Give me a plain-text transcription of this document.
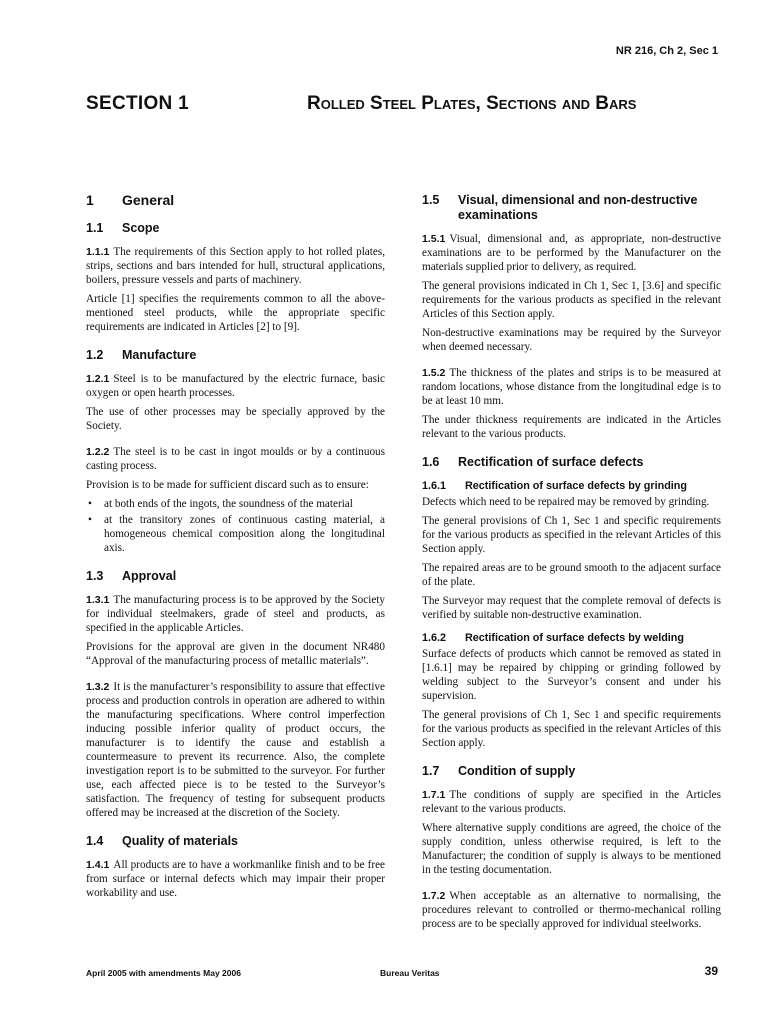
NR 216, Ch 2, Sec 1
SECTION 1	Rolled Steel Plates, Sections and Bars
1	General
1.1	Scope

1.1.1 The requirements of this Section apply to hot rolled plates, strips, sections and bars intended for hull, structural applications, boilers, pressure vessels and parts of machinery.

Article [1] specifies the requirements common to all the above-mentioned steel products, while the appropriate specific requirements are indicated in Articles [2] to [9].

1.2	Manufacture

1.2.1 Steel is to be manufactured by the electric furnace, basic oxygen or open hearth processes.

The use of other processes may be specially approved by the Society.

1.2.2 The steel is to be cast in ingot moulds or by a continuous casting process.

Provision is to be made for sufficient discard such as to ensure:

• at both ends of the ingots, the soundness of the material
• at the transitory zones of continuous casting material, a homogeneous chemical composition along the longitudinal axis.
1.3	Approval

1.3.1 The manufacturing process is to be approved by the Society for individual steelmakers, grade of steel and products, as specified in the applicable Articles.

Provisions for the approval are given in the document NR480 “Approval of the manufacturing process of metallic materials”.

1.3.2 It is the manufacturer’s responsibility to assure that effective process and production controls in operation are adhered to within the manufacturing specifications. Where control imperfection inducing possible inferior quality of product occurs, the manufacturer is to identify the cause and establish a countermeasure to prevent its recurrence. Also, the complete investigation report is to be submitted to the surveyor. For further use, each affected piece is to be tested to the Surveyor’s satisfaction. The frequency of testing for subsequent products offered may be increased at the discretion of the Society.

1.4	Quality of materials

1.4.1 All products are to have a workmanlike finish and to be free from surface or internal defects which may impair their proper workability and use.

1.5	Visual, dimensional and non-destructive examinations

1.5.1 Visual, dimensional and, as appropriate, non-destructive examinations are to be performed by the Manufacturer on the materials supplied prior to delivery, as required.

The general provisions indicated in Ch 1, Sec 1, [3.6] and specific requirements for the various products as specified in the relevant Articles of this Section apply.

Non-destructive examinations may be required by the Surveyor when deemed necessary.

1.5.2 The thickness of the plates and strips is to be measured at random locations, whose distance from the longitudinal edge is to be at least 10 mm.

The under thickness requirements are indicated in the Articles relevant to the various products.

1.6	Rectification of surface defects
1.6.1	Rectification of surface defects by grinding

Defects which need to be repaired may be removed by grinding.

The general provisions of Ch 1, Sec 1 and specific requirements for the various products as specified in the relevant Articles of this Section apply.

The repaired areas are to be ground smooth to the adjacent surface of the plate.

The Surveyor may request that the complete removal of defects is verified by suitable non-destructive examination.

1.6.2	Rectification of surface defects by welding

Surface defects of products which cannot be removed as stated in [1.6.1] may be repaired by chipping or grinding followed by welding subject to the Surveyor’s consent and under his supervision.

The general provisions of Ch 1, Sec 1 and specific requirements for the various products as specified in the relevant Articles of this Section apply.

1.7	Condition of supply

1.7.1 The conditions of supply are specified in the Articles relevant to the various products.

Where alternative supply conditions are agreed, the choice of the supply condition, unless otherwise required, is left to the Manufacturer; the condition of supply is always to be mentioned in the testing documentation.

1.7.2 When acceptable as an alternative to normalising, the procedures relevant to controlled or thermo-mechanical rolling process are to be specially approved for individual steelworks.

April 2005 with amendments May 2006	Bureau Veritas	39
